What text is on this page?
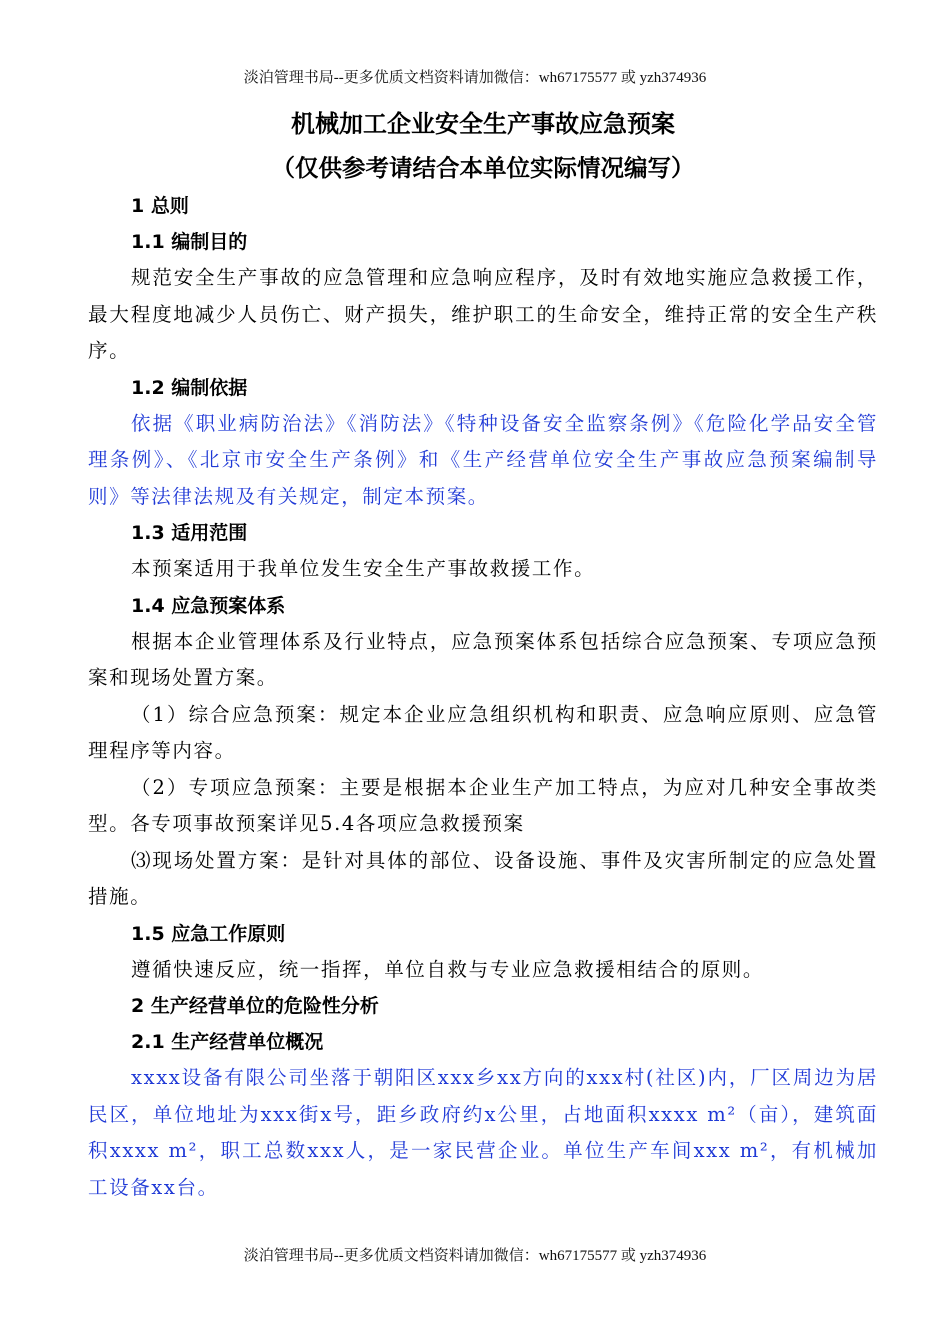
淡泊管理书局--更多优质文档资料请加微信：wh67175577 或 yzh374936
机械加工企业安全生产事故应急预案
（仅供参考请结合本单位实际情况编写）
1 总则
1.1 编制目的

规范安全生产事故的应急管理和应急响应程序，及时有效地实施应急救援工作，最大程度地减少人员伤亡、财产损失，维护职工的生命安全，维持正常的安全生产秩序。

1.2 编制依据

依据《职业病防治法》《消防法》《特种设备安全监察条例》《危险化学品安全管理条例》、《北京市安全生产条例》和《生产经营单位安全生产事故应急预案编制导则》等法律法规及有关规定，制定本预案。

1.3 适用范围

本预案适用于我单位发生安全生产事故救援工作。

1.4 应急预案体系

根据本企业管理体系及行业特点，应急预案体系包括综合应急预案、专项应急预案和现场处置方案。

（1）综合应急预案：规定本企业应急组织机构和职责、应急响应原则、应急管理程序等内容。

（2）专项应急预案：主要是根据本企业生产加工特点，为应对几种安全事故类型。各专项事故预案详见5.4各项应急救援预案

⑶现场处置方案：是针对具体的部位、设备设施、事件及灾害所制定的应急处置措施。

1.5 应急工作原则

遵循快速反应，统一指挥，单位自救与专业应急救援相结合的原则。

2 生产经营单位的危险性分析
2.1 生产经营单位概况

xxxx设备有限公司坐落于朝阳区xxx乡xx方向的xxx村(社区)内，厂区周边为居民区，单位地址为xxx街x号，距乡政府约x公里，占地面积xxxx m²（亩），建筑面积xxxx m²，职工总数xxx人，是一家民营企业。单位生产车间xxx m²，有机械加工设备xx台。

淡泊管理书局--更多优质文档资料请加微信：wh67175577 或 yzh374936
